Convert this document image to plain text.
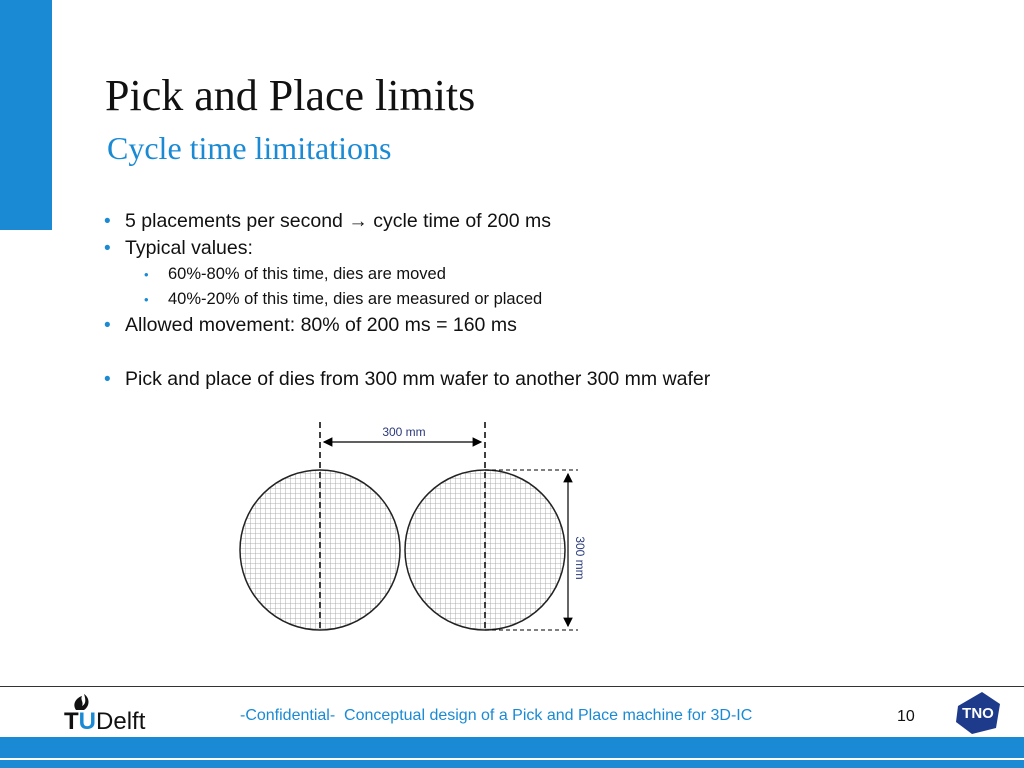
Pick and Place limits
Cycle time limitations
• 5 placements per second → cycle time of 200 ms
• Typical values:
•	60%-80% of this time, dies are moved
•	40%-20% of this time, dies are measured or placed
• Allowed movement: 80% of 200 ms = 160 ms
• Pick and place of dies from 300 mm wafer to another 300 mm wafer
300 mm
300 mm
TUDelft	-Confidential-  Conceptual design of a Pick and Place machine for 3D-IC	10	TNO
